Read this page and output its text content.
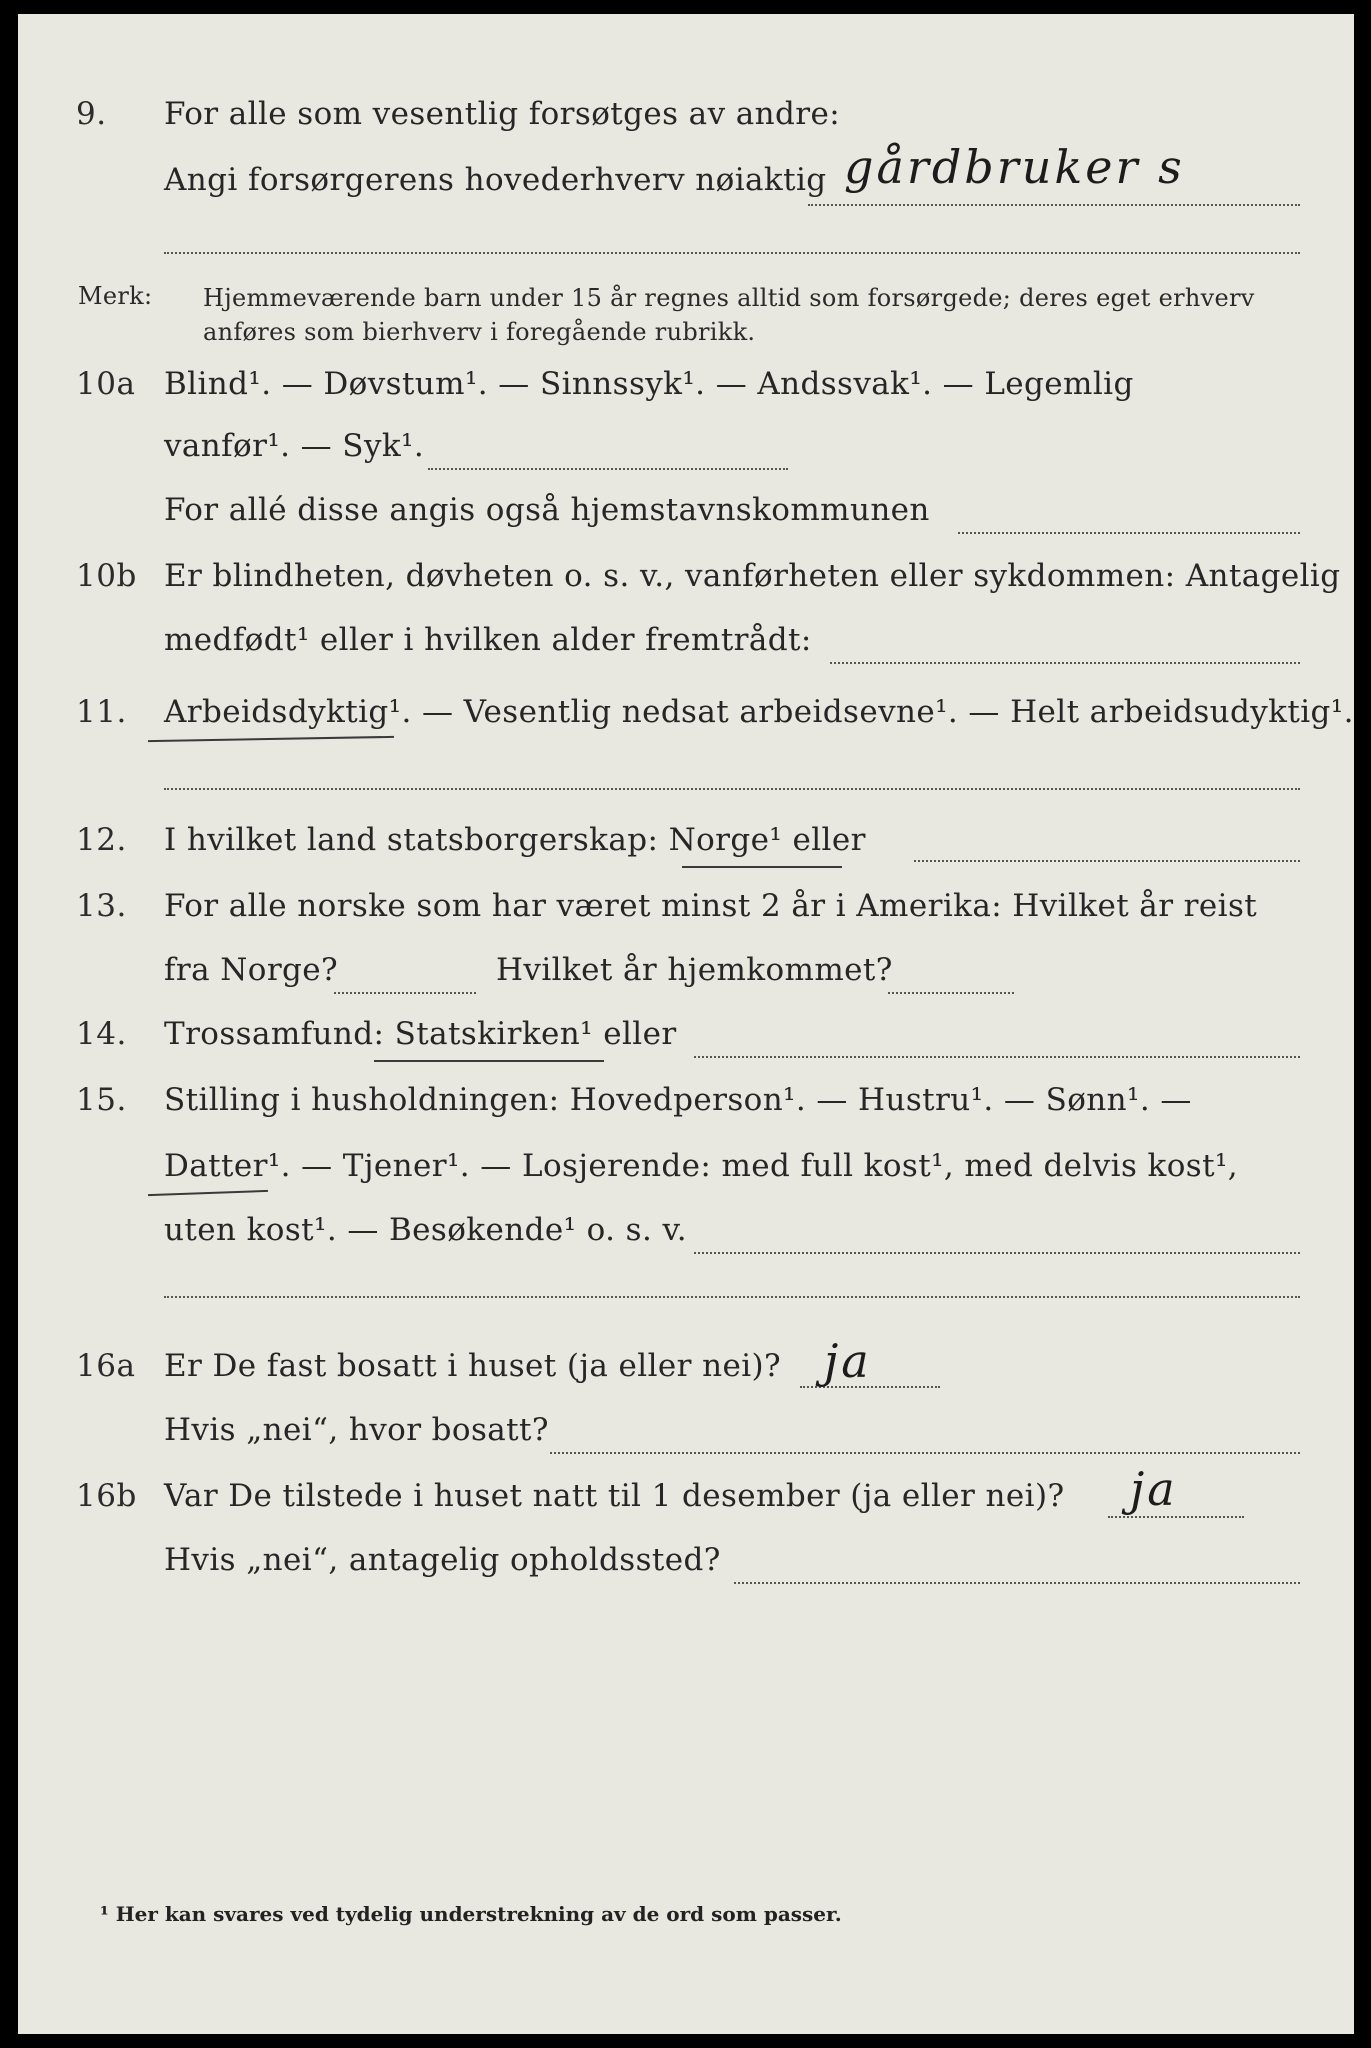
9. For alle som vesentlig forsøtges av andre:
Angi forsørgerens hovederhverv nøiaktig gårdbruker s
Merk: Hjemmeværende barn under 15 år regnes alltid som forsørgede; deres eget erhverv
anføres som bierhverv i foregående rubrikk.
10a Blind¹. — Døvstum¹. — Sinnssyk¹. — Andssvak¹. — Legemlig
vanfør¹. — Syk¹.
For allé disse angis også hjemstavnskommunen
10b Er blindheten, døvheten o. s. v., vanførheten eller sykdommen: Antagelig
medfødt¹ eller i hvilken alder fremtrådt:
11. Arbeidsdyktig¹. — Vesentlig nedsat arbeidsevne¹. — Helt arbeidsudyktig¹.
12. I hvilket land statsborgerskap: Norge¹ eller
13. For alle norske som har været minst 2 år i Amerika: Hvilket år reist
fra Norge?	Hvilket år hjemkommet?
14. Trossamfund: Statskirken¹ eller
15. Stilling i husholdningen: Hovedperson¹. — Hustru¹. — Sønn¹. —
Datter¹. — Tjener¹. — Losjerende: med full kost¹, med delvis kost¹,
uten kost¹. — Besøkende¹ o. s. v.
16a Er De fast bosatt i huset (ja eller nei)? ja
Hvis „nei“, hvor bosatt?
16b Var De tilstede i huset natt til 1 desember (ja eller nei)? ja
Hvis „nei“, antagelig opholdssted?
¹ Her kan svares ved tydelig understrekning av de ord som passer.
